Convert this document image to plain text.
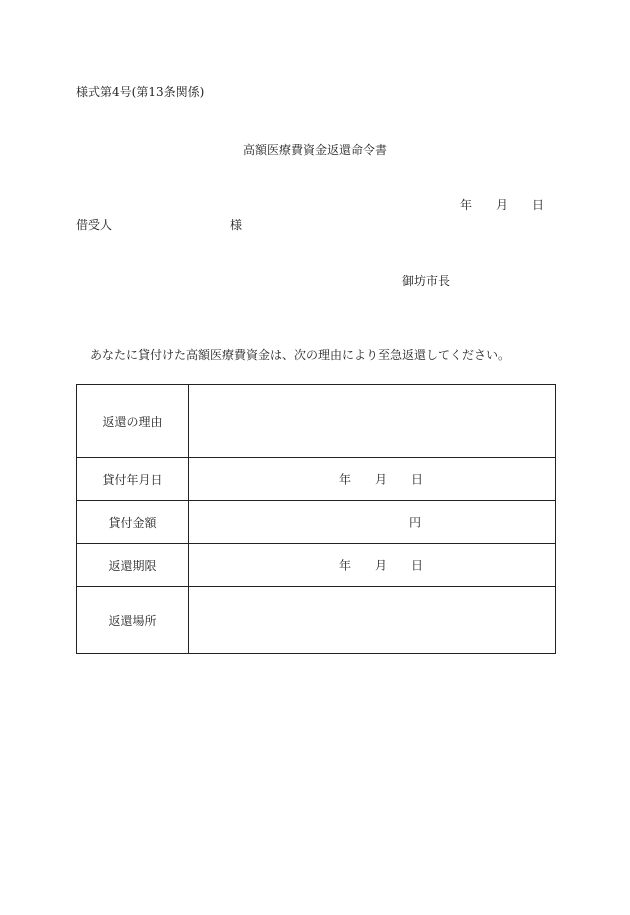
様式第4号(第13条関係)
高額医療費資金返還命令書
年 月 日
借受人	様
御坊市長
あなたに貸付けた高額医療費資金は、次の理由により至急返還してください。
返還の理由
貸付年月日	年 月 日
貸付金額	円
返還期限	年 月 日
返還場所
